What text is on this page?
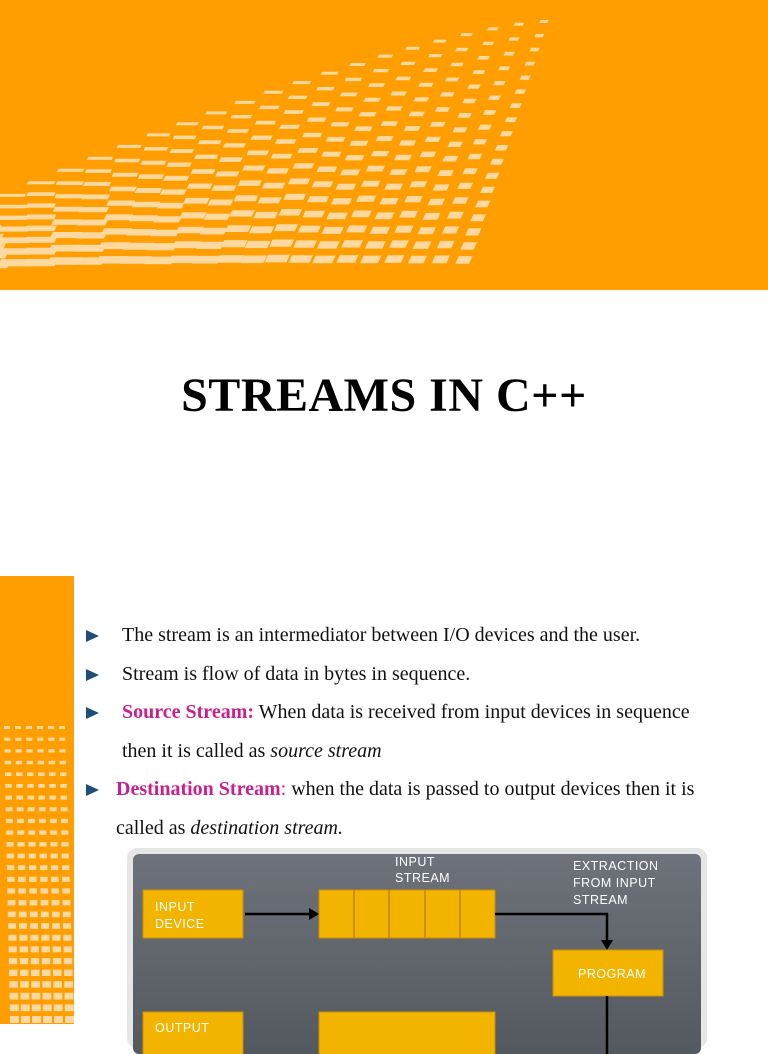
STREAMS IN C++
The stream is an intermediator between I/O devices and the user.
Stream is flow of data in bytes in sequence.
Source Stream: When data is received from input devices in sequence
then it is called as source stream
Destination Stream: when the data is passed to output devices then it is
called as destination stream.
INPUT
DEVICE
INPUT
STREAM
EXTRACTION
FROM INPUT
STREAM
PROGRAM
OUTPUT
